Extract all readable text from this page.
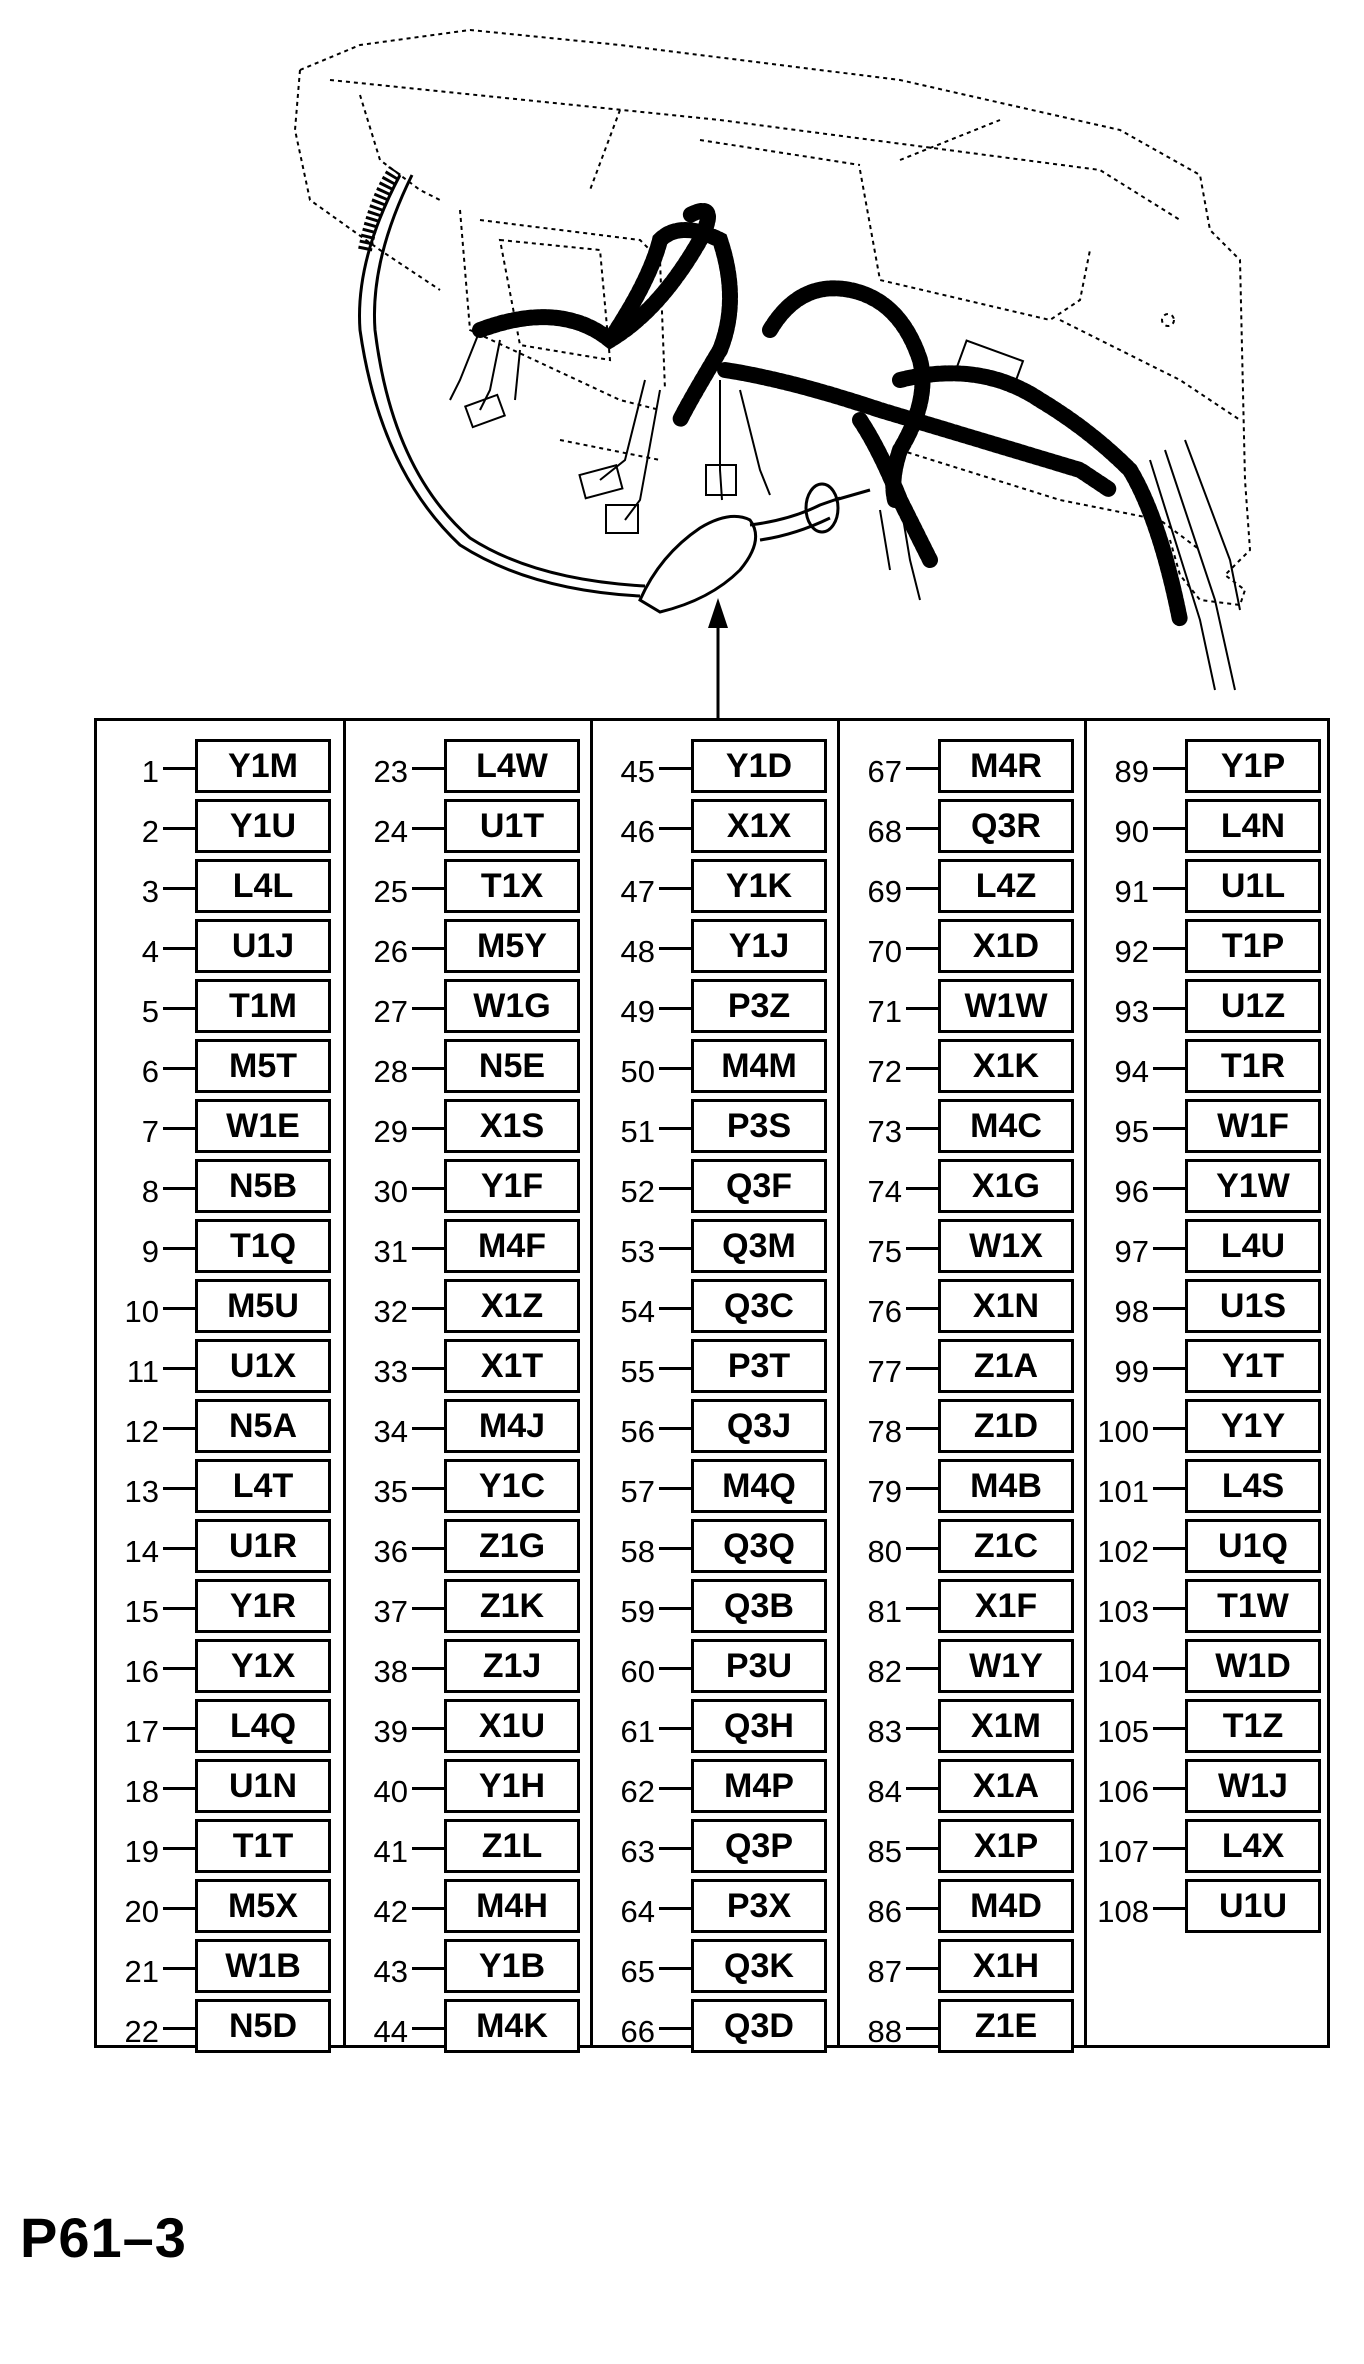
1	Y1M
2	Y1U
3	L4L
4	U1J
5	T1M
6	M5T
7	W1E
8	N5B
9	T1Q
10	M5U
11	U1X
12	N5A
13	L4T
14	U1R
15	Y1R
16	Y1X
17	L4Q
18	U1N
19	T1T
20	M5X
21	W1B
22	N5D
23	L4W
24	U1T
25	T1X
26	M5Y
27	W1G
28	N5E
29	X1S
30	Y1F
31	M4F
32	X1Z
33	X1T
34	M4J
35	Y1C
36	Z1G
37	Z1K
38	Z1J
39	X1U
40	Y1H
41	Z1L
42	M4H
43	Y1B
44	M4K
45	Y1D
46	X1X
47	Y1K
48	Y1J
49	P3Z
50	M4M
51	P3S
52	Q3F
53	Q3M
54	Q3C
55	P3T
56	Q3J
57	M4Q
58	Q3Q
59	Q3B
60	P3U
61	Q3H
62	M4P
63	Q3P
64	P3X
65	Q3K
66	Q3D
67	M4R
68	Q3R
69	L4Z
70	X1D
71	W1W
72	X1K
73	M4C
74	X1G
75	W1X
76	X1N
77	Z1A
78	Z1D
79	M4B
80	Z1C
81	X1F
82	W1Y
83	X1M
84	X1A
85	X1P
86	M4D
87	X1H
88	Z1E
89	Y1P
90	L4N
91	U1L
92	T1P
93	U1Z
94	T1R
95	W1F
96	Y1W
97	L4U
98	U1S
99	Y1T
100	Y1Y
101	L4S
102	U1Q
103	T1W
104	W1D
105	T1Z
106	W1J
107	L4X
108	U1U
P61–3
